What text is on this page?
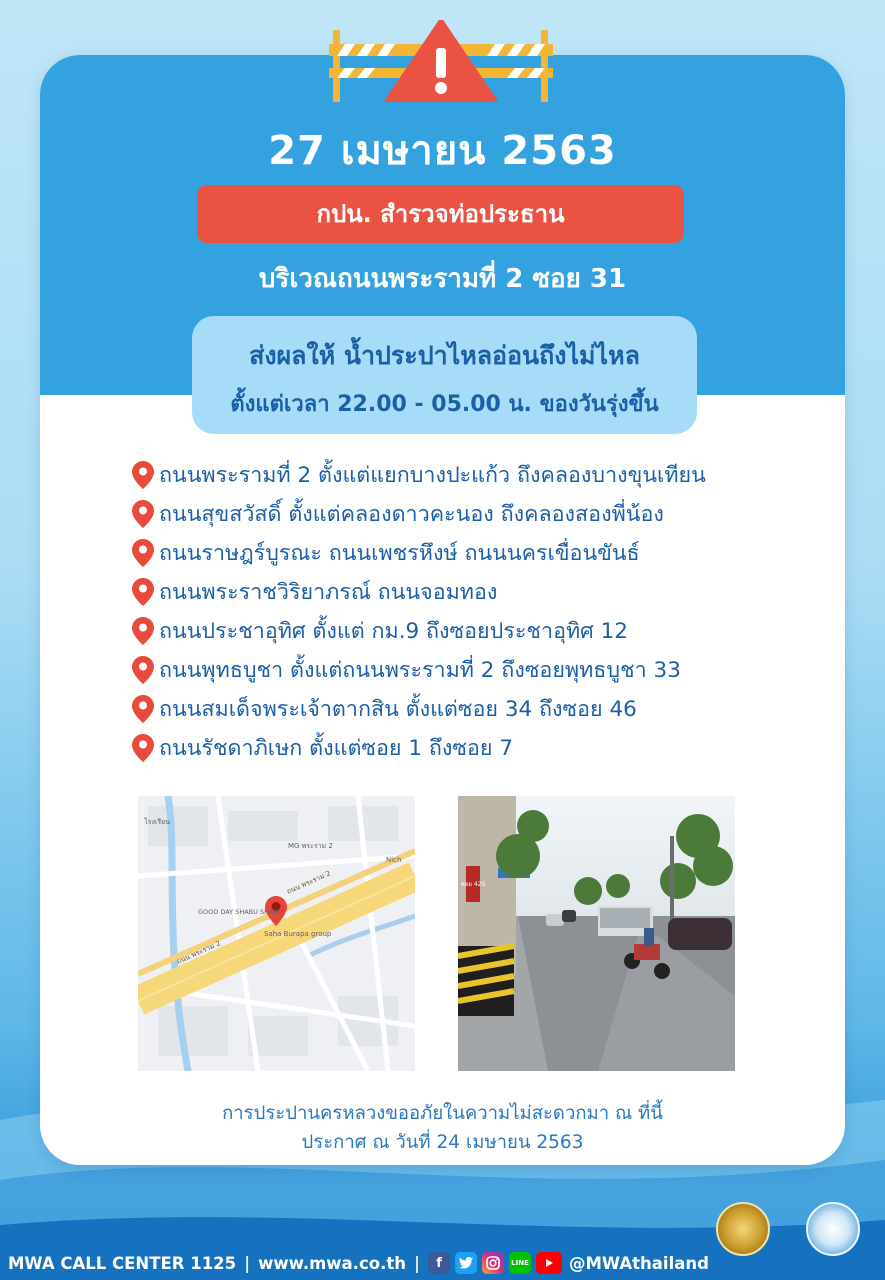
27 เมษายน 2563
กปน. สำรวจท่อประธาน
บริเวณถนนพระรามที่ 2 ซอย 31
ส่งผลให้ น้ำประปาไหลอ่อนถึงไม่ไหล
ตั้งแต่เวลา 22.00 - 05.00 น. ของวันรุ่งขึ้น
ถนนพระรามที่ 2 ตั้งแต่แยกบางปะแก้ว ถึงคลองบางขุนเทียน
ถนนสุขสวัสดิ์ ตั้งแต่คลองดาวคะนอง ถึงคลองสองพี่น้อง
ถนนราษฎร์บูรณะ ถนนเพชรหึงษ์ ถนนนครเขื่อนขันธ์
ถนนพระราชวิริยาภรณ์ ถนนจอมทอง
ถนนประชาอุทิศ ตั้งแต่ กม.9 ถึงซอยประชาอุทิศ 12
ถนนพุทธบูชา ตั้งแต่ถนนพระรามที่ 2 ถึงซอยพุทธบูชา 33
ถนนสมเด็จพระเจ้าตากสิน ตั้งแต่ซอย 34 ถึงซอย 46
ถนนรัชดาภิเษก ตั้งแต่ซอย 1 ถึงซอย 7
MG พระราม 2
Nich
GOOD DAY SHABU SHABU
Saha Burapa group
โรงเรียน
ถนน พระราม 2
ถนน พระราม 2
ซอย 425
การประปานครหลวงขออภัยในความไม่สะดวกมา ณ ที่นี้
ประกาศ ณ วันที่ 24 เมษายน 2563
MWA CALL CENTER 1125 | www.mwa.co.th |	f	LINE @MWAthailand
